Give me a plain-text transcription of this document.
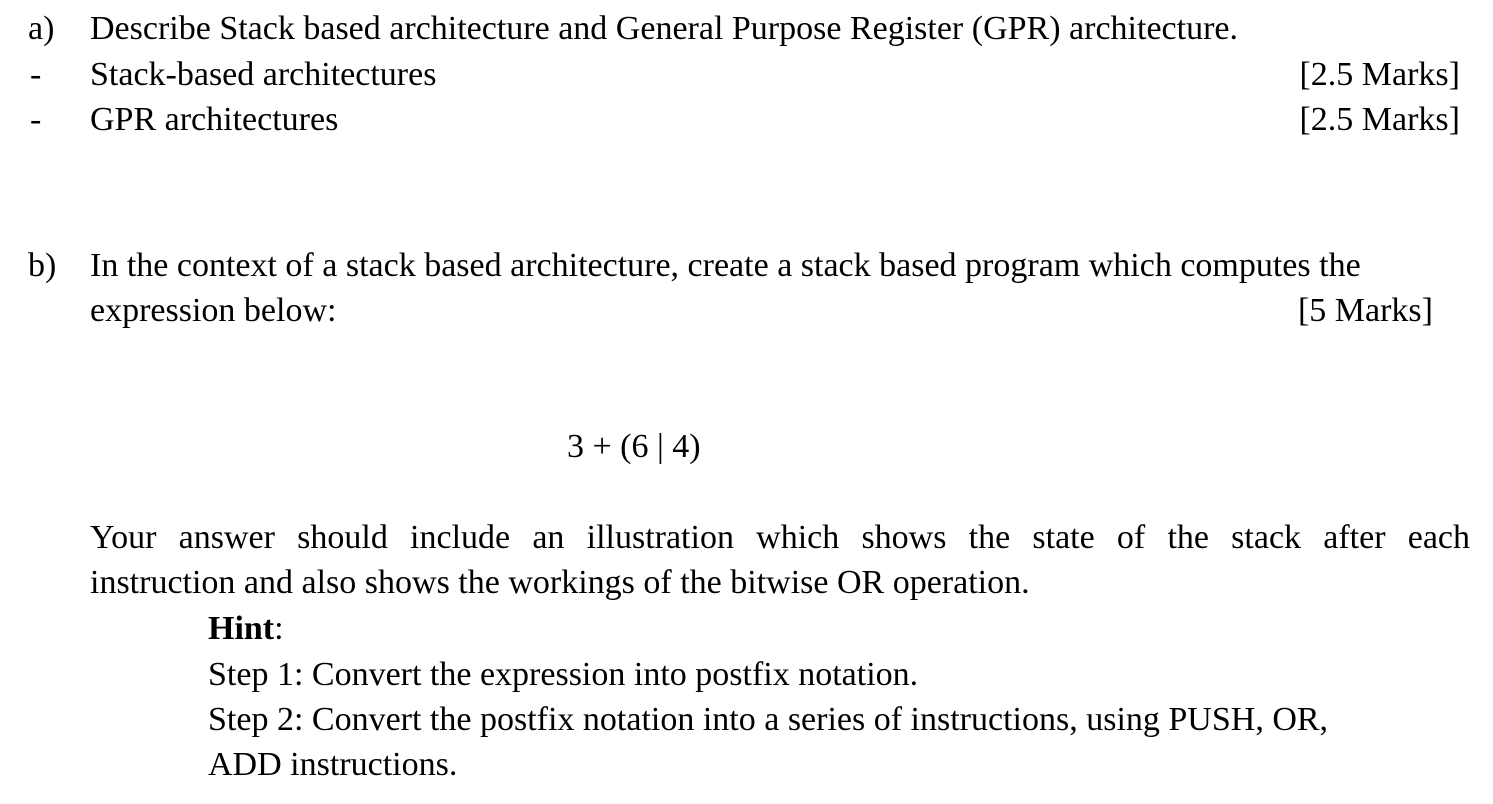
a) Describe Stack based architecture and General Purpose Register (GPR) architecture.
- Stack-based architectures	[2.5 Marks]
- GPR architectures	[2.5 Marks]
b) In the context of a stack based architecture, create a stack based program which computes the
expression below:	[5 Marks]
3 + (6 | 4)
Your answer should include an illustration which shows the state of the stack after each
instruction and also shows the workings of the bitwise OR operation.
Hint:
Step 1: Convert the expression into postfix notation.
Step 2: Convert the postfix notation into a series of instructions, using PUSH, OR,
ADD instructions.
